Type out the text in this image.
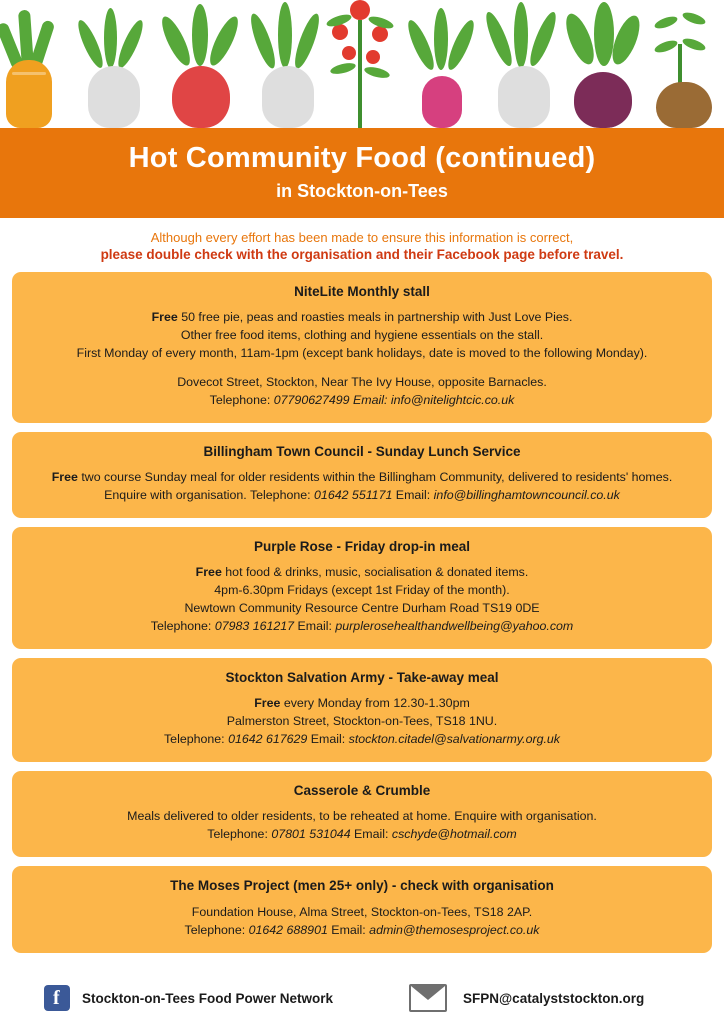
Hot Community Food (continued)
in Stockton-on-Tees
Although every effort has been made to ensure this information is correct,
please double check with the organisation and their Facebook page before travel.
NiteLite Monthly stall
Free 50 free pie, peas and roasties meals in partnership with Just Love Pies.
Other free food items, clothing and hygiene essentials on the stall.
First Monday of every month, 11am-1pm (except bank holidays, date is moved to the following Monday).
Dovecot Street, Stockton, Near The Ivy House, opposite Barnacles.
Telephone: 07790627499 Email: info@nitelightcic.co.uk
Billingham Town Council - Sunday Lunch Service
Free two course Sunday meal for older residents within the Billingham Community, delivered to residents' homes.
Enquire with organisation. Telephone: 01642 551171 Email: info@billinghamtowncouncil.co.uk
Purple Rose - Friday drop-in meal
Free hot food & drinks, music, socialisation & donated items.
4pm-6.30pm Fridays (except 1st Friday of the month).
Newtown Community Resource Centre Durham Road TS19 0DE
Telephone: 07983 161217 Email: purplerosehealthandwellbeing@yahoo.com
Stockton Salvation Army - Take-away meal
Free every Monday from 12.30-1.30pm
Palmerston Street, Stockton-on-Tees, TS18 1NU.
Telephone: 01642 617629 Email: stockton.citadel@salvationarmy.org.uk
Casserole & Crumble
Meals delivered to older residents, to be reheated at home. Enquire with organisation.
Telephone: 07801 531044 Email: cschyde@hotmail.com
The Moses Project (men 25+ only) - check with organisation
Foundation House, Alma Street, Stockton-on-Tees, TS18 2AP.
Telephone: 01642 688901 Email: admin@themosesproject.co.uk
f Stockton-on-Tees Food Power Network	SFPN@catalyststockton.org
